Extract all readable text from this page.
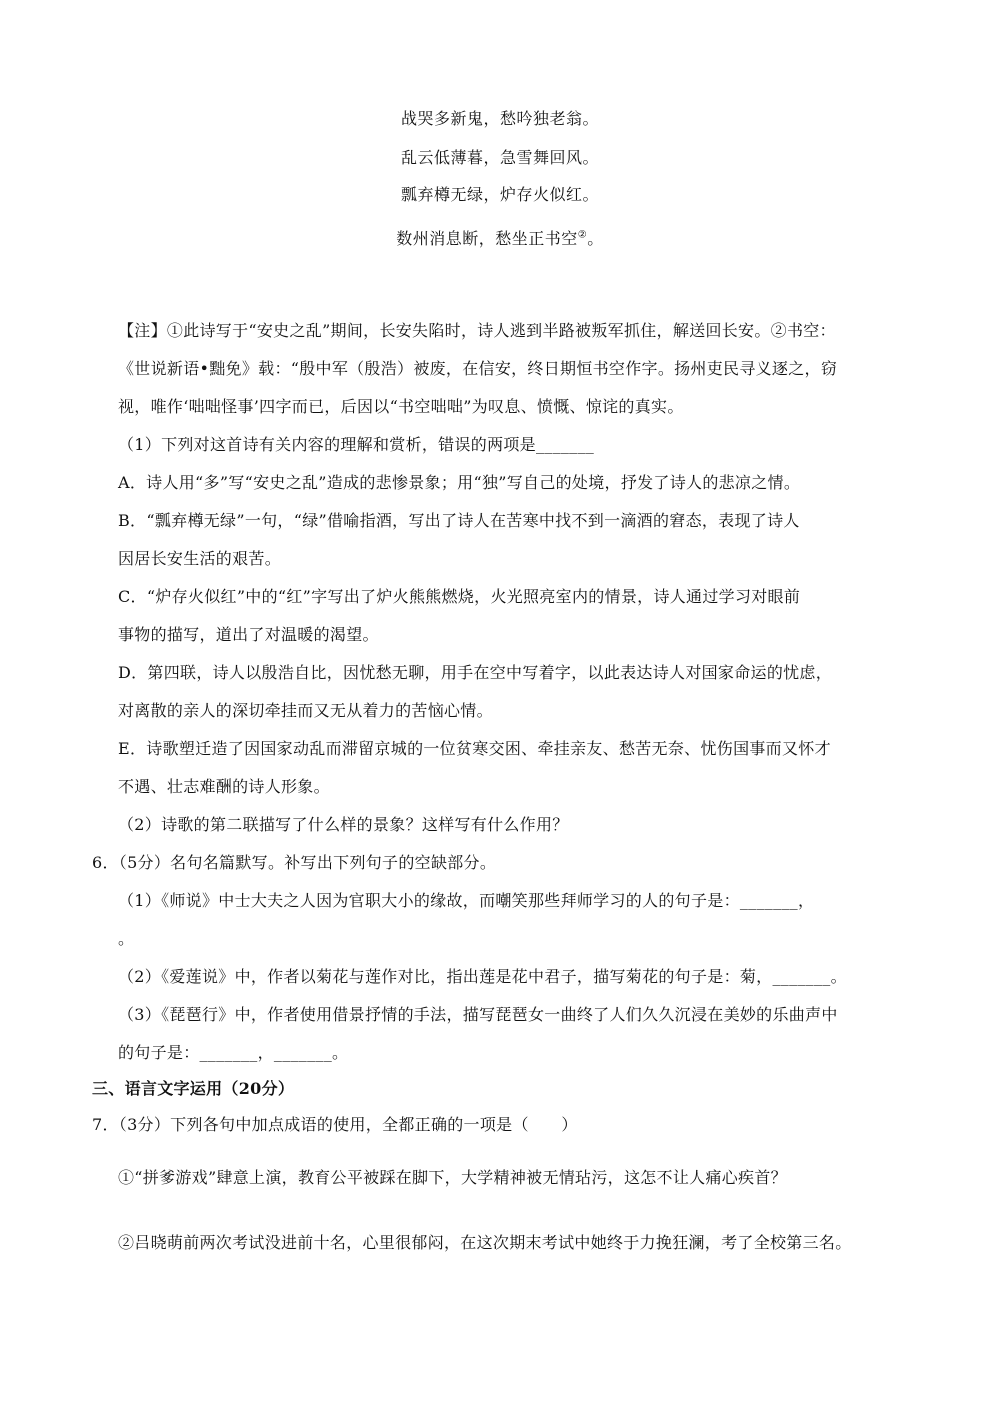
战哭多新鬼，愁吟独老翁。
乱云低薄暮，急雪舞回风。
瓢弃樽无绿，炉存火似红。
数州消息断，愁坐正书空②。
【注】①此诗写于“安史之乱”期间，长安失陷时，诗人逃到半路被叛军抓住，解送回长安。②书空：
《世说新语•黜免》载：“殷中军（殷浩）被废，在信安，终日期恒书空作字。扬州吏民寻义逐之，窃
视，唯作‘咄咄怪事’四字而已，后因以“书空咄咄”为叹息、愤慨、惊诧的真实。
（1）下列对这首诗有关内容的理解和赏析，错误的两项是_______
A．诗人用“多”写“安史之乱”造成的悲惨景象；用“独”写自己的处境，抒发了诗人的悲凉之情。
B．“瓢弃樽无绿”一句，“绿”借喻指酒，写出了诗人在苦寒中找不到一滴酒的窘态，表现了诗人
因居长安生活的艰苦。
C．“炉存火似红”中的“红”字写出了炉火熊熊燃烧，火光照亮室内的情景，诗人通过学习对眼前
事物的描写，道出了对温暖的渴望。
D．第四联，诗人以殷浩自比，因忧愁无聊，用手在空中写着字，以此表达诗人对国家命运的忧虑，
对离散的亲人的深切牵挂而又无从着力的苦恼心情。
E．诗歌塑迁造了因国家动乱而滞留京城的一位贫寒交困、牵挂亲友、愁苦无奈、忧伤国事而又怀才
不遇、壮志难酬的诗人形象。
（2）诗歌的第二联描写了什么样的景象？这样写有什么作用？
6．（5分）名句名篇默写。补写出下列句子的空缺部分。
（1）《师说》中士大夫之人因为官职大小的缘故，而嘲笑那些拜师学习的人的句子是：_______，
。
（2）《爱莲说》中，作者以菊花与莲作对比，指出莲是花中君子，描写菊花的句子是：菊，_______。
（3）《琵琶行》中，作者使用借景抒情的手法，描写琵琶女一曲终了人们久久沉浸在美妙的乐曲声中
的句子是：_______，_______。
三、语言文字运用（20分）
7．（3分）下列各句中加点成语的使用，全都正确的一项是（　　）
①“拼爹游戏”肆意上演，教育公平被踩在脚下，大学精神被无情玷污，这怎不让人痛心疾首？
②吕晓萌前两次考试没进前十名，心里很郁闷，在这次期末考试中她终于力挽狂澜，考了全校第三名。
